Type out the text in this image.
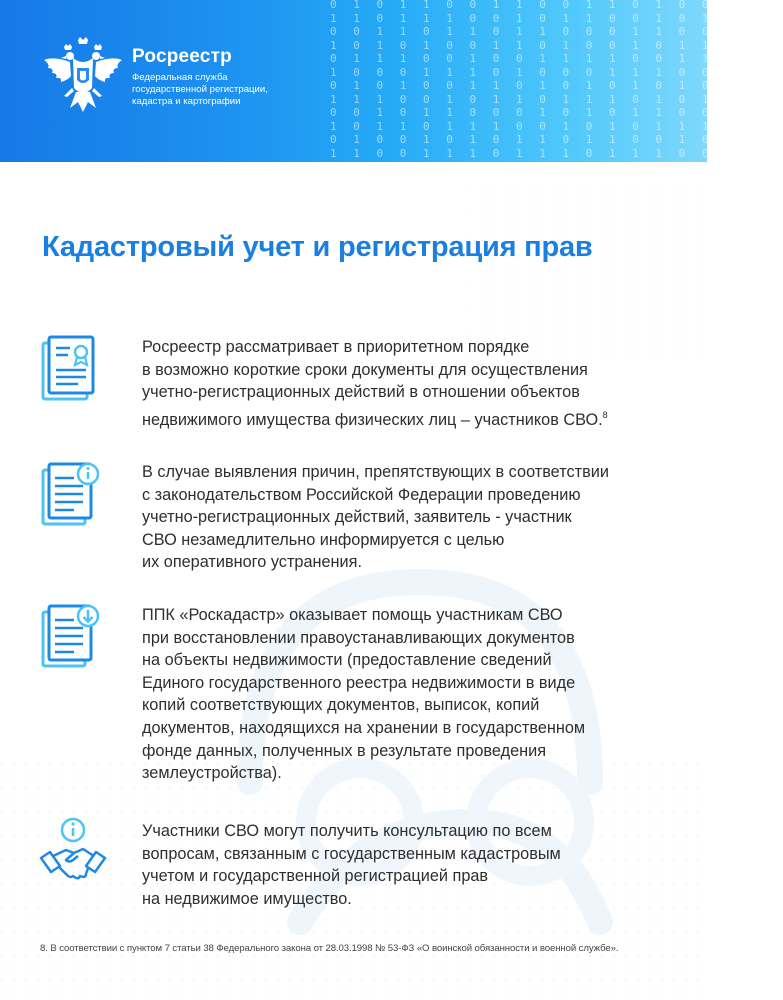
0 1 0 1 1 0 0 1 1 0 0 1 1 0 1 0 0 1 1 1
1 1 0 1 1 1 0 0 1 0 1 1 0 0 1 0 1 1 1 1
0 0 1 1 0 1 1 0 1 1 0 0 0 1 1 0 0 0 1 0
1 0 1 0 1 0 0 1 1 0 1 0 0 1 0 1 1 1 0 1
0 1 1 1 0 0 1 0 0 1 1 1 1 0 0 1 1 0 1 0
1 0 0 0 1 1 1 0 1 0 0 0 1 1 1 0 0 1 0 0
0 1 0 1 0 0 1 1 0 1 0 1 0 1 0 1 0 0 1 1
1 1 1 0 0 1 0 1 1 0 1 1 1 0 1 0 1 0 1 0
0 0 1 0 1 1 0 0 0 1 0 1 0 1 1 0 0 1 1 1
1 0 1 1 0 1 1 1 0 0 1 0 1 0 1 1 1 0 1 0
0 1 0 0 1 0 1 0 1 1 0 1 1 0 0 1 0 1 0 1
1 1 0 0 1 1 1 0 1 1 1 0 1 1 1 0 0 1 1 1
Росреестр
Федеральная служба
государственной регистрации,
кадастра и картографии
Кадастровый учет и регистрация прав
Росреестр рассматривает в приоритетном порядке
в возможно короткие сроки документы для осуществления
учетно-регистрационных действий в отношении объектов
недвижимого имущества физических лиц – участников СВО.$^8$
В случае выявления причин, препятствующих в соответствии
с законодательством Российской Федерации проведению
учетно-регистрационных действий, заявитель - участник
СВО незамедлительно информируется с целью
их оперативного устранения.
ППК «Роскадастр» оказывает помощь участникам СВО
при восстановлении правоустанавливающих документов
на объекты недвижимости (предоставление сведений
Единого государственного реестра недвижимости в виде
копий соответствующих документов, выписок, копий
документов, находящихся на хранении в государственном
фонде данных, полученных в результате проведения
землеустройства).
Участники СВО могут получить консультацию по всем
вопросам, связанным с государственным кадастровым
учетом и государственной регистрацией прав
на недвижимое имущество.
8. В соответствии с пунктом 7 статьи 38 Федерального закона от 28.03.1998 № 53-ФЗ «О воинской обязанности и военной службе».
